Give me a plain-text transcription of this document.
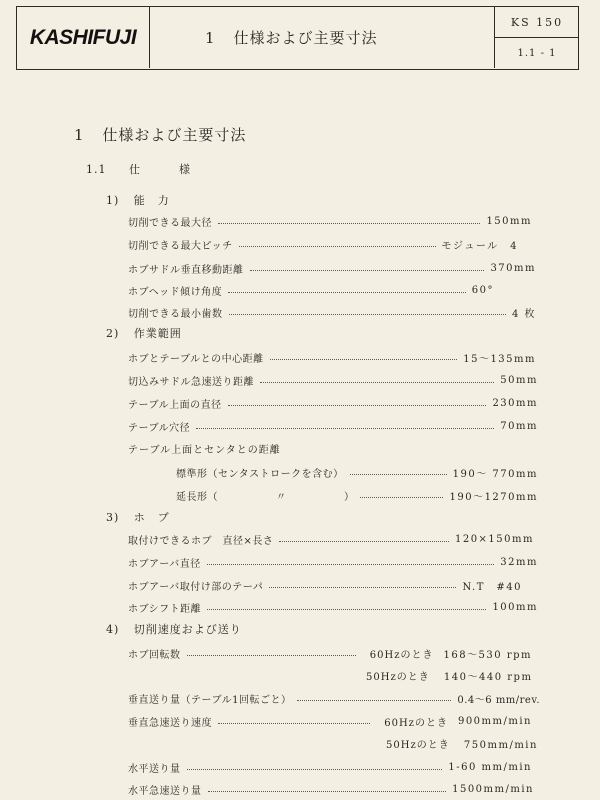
KASHIFUJI	1 仕様および主要寸法
KS 150
1.1 - 1
1 仕様および主要寸法
1.1 仕　様
1) 能　力
切削できる最大径	150mm
切削できる最大ピッチ	モジュール　4
ホブサドル垂直移動距離	370mm
ホブヘッド傾け角度	60°
切削できる最小歯数	4 枚
2) 作業範囲
ホブとテーブルとの中心距離	15〜135mm
切込みサドル急速送り距離	50mm
テーブル上面の直径	230mm
テーブル穴径	70mm
テーブル上面とセンタとの距離
標準形（センタストロークを含む）	190〜 770mm
延長形（	〃	）	190〜1270mm
3) ホ　ブ
取付けできるホブ　直径×長さ	120×150mm
ホブアーバ直径	32mm
ホブアーバ取付け部のテーパ	N.T　#40
ホブシフト距離	100mm
4) 切削速度および送り
ホブ回転数	60Hzのとき 168〜530 rpm
50Hzのとき 140〜440 rpm
垂直送り量（テーブル1回転ごと）	0.4〜6 mm/rev.
垂直急速送り速度	60Hzのとき 900mm/min
50Hzのとき 750mm/min
水平送り量	1-60 mm/min
水平急速送り量	1500mm/min
